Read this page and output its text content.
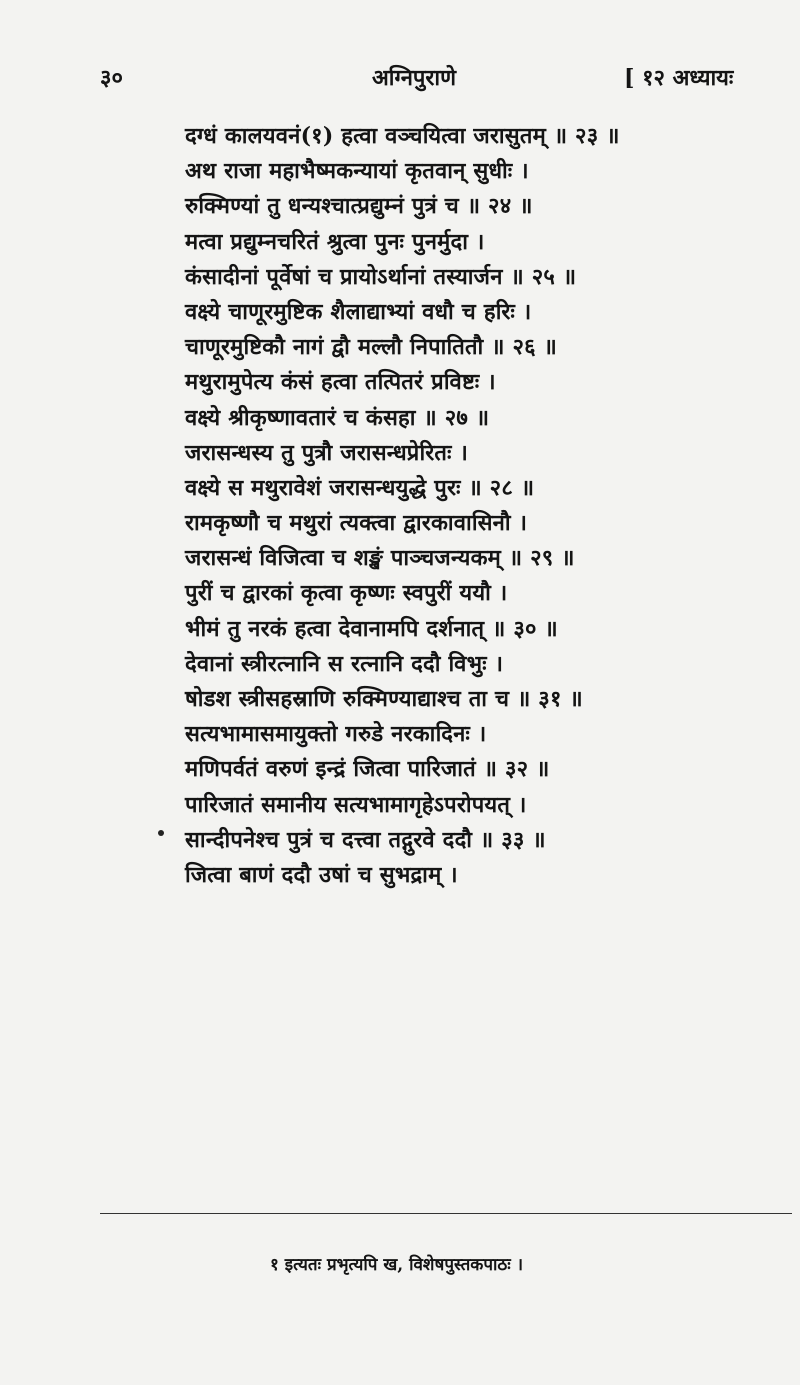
३०	अग्निपुराणे	[ १२ अध्यायः
दग्धं कालयवनं(१) हत्वा वञ्चयित्वा जरासुतम् ॥ २३ ॥
अथ राजा महाभैष्मकन्यायां कृतवान् सुधीः ।
रुक्मिण्यां तु धन्यश्चात्प्रद्युम्नं पुत्रं च ॥ २४ ॥
मत्वा प्रद्युम्नचरितं श्रुत्वा पुनः पुनर्मुदा ।
कंसादीनां पूर्वेषां च प्रायोऽर्थानां तस्यार्जन ॥ २५ ॥
वक्ष्ये चाणूरमुष्टिक शैलाद्याभ्यां वधौ च हरिः ।
चाणूरमुष्टिकौ नागं द्वौ मल्लौ निपातितौ ॥ २६ ॥
मथुरामुपेत्य कंसं हत्वा तत्पितरं प्रविष्टः ।
वक्ष्ये श्रीकृष्णावतारं च कंसहा ॥ २७ ॥
जरासन्धस्य तु पुत्रौ जरासन्धप्रेरितः ।
वक्ष्ये स मथुरावेशं जरासन्धयुद्धे पुरः ॥ २८ ॥
रामकृष्णौ च मथुरां त्यक्त्वा द्वारकावासिनौ ।
जरासन्धं विजित्वा च शङ्खं पाञ्चजन्यकम् ॥ २९ ॥
पुरीं च द्वारकां कृत्वा कृष्णः स्वपुरीं ययौ ।
भीमं तु नरकं हत्वा देवानामपि दर्शनात् ॥ ३० ॥
देवानां स्त्रीरत्नानि स रत्नानि ददौ विभुः ।
षोडश स्त्रीसहस्राणि रुक्मिण्याद्याश्च ता च ॥ ३१ ॥
सत्यभामासमायुक्तो गरुडे नरकादिनः ।
मणिपर्वतं वरुणं इन्द्रं जित्वा पारिजातं ॥ ३२ ॥
पारिजातं समानीय सत्यभामागृहेऽपरोपयत् ।
सान्दीपनेश्च पुत्रं च दत्त्वा तद्गुरवे ददौ ॥ ३३ ॥
जित्वा बाणं ददौ उषां च सुभद्राम् ।
१ इत्यतः प्रभृत्यपि ख, विशेषपुस्तकपाठः ।
